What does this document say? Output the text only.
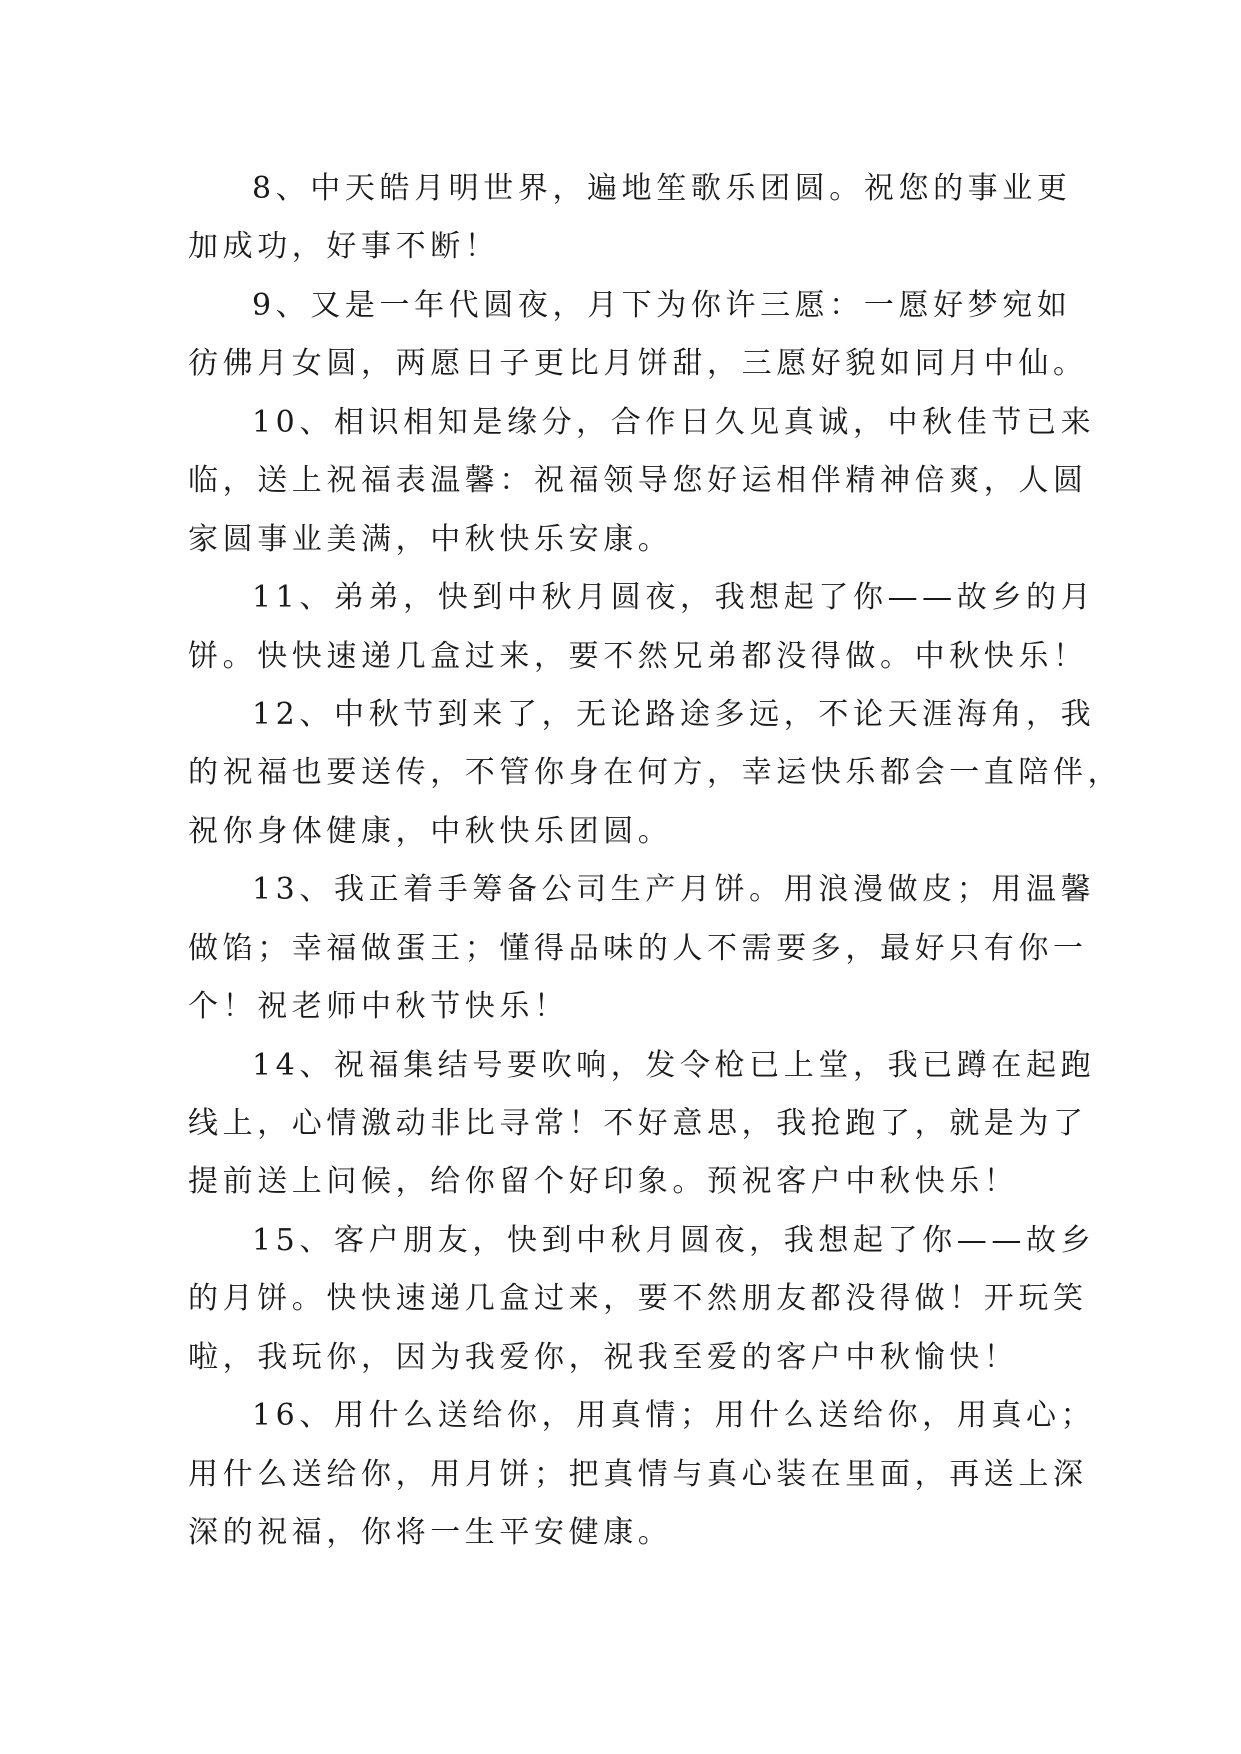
8、中天皓月明世界，遍地笙歌乐团圆。祝您的事业更
加成功，好事不断！
9、又是一年代圆夜，月下为你许三愿：一愿好梦宛如
彷佛月女圆，两愿日子更比月饼甜，三愿好貌如同月中仙。
10、相识相知是缘分，合作日久见真诚，中秋佳节已来
临，送上祝福表温馨：祝福领导您好运相伴精神倍爽，人圆
家圆事业美满，中秋快乐安康。
11、弟弟，快到中秋月圆夜，我想起了你——故乡的月
饼。快快速递几盒过来，要不然兄弟都没得做。中秋快乐！
12、中秋节到来了，无论路途多远，不论天涯海角，我
的祝福也要送传，不管你身在何方，幸运快乐都会一直陪伴，
祝你身体健康，中秋快乐团圆。
13、我正着手筹备公司生产月饼。用浪漫做皮；用温馨
做馅；幸福做蛋王；懂得品味的人不需要多，最好只有你一
个！祝老师中秋节快乐！
14、祝福集结号要吹响，发令枪已上堂，我已蹲在起跑
线上，心情激动非比寻常！不好意思，我抢跑了，就是为了
提前送上问候，给你留个好印象。预祝客户中秋快乐！
15、客户朋友，快到中秋月圆夜，我想起了你——故乡
的月饼。快快速递几盒过来，要不然朋友都没得做！开玩笑
啦，我玩你，因为我爱你，祝我至爱的客户中秋愉快！
16、用什么送给你，用真情；用什么送给你，用真心；
用什么送给你，用月饼；把真情与真心装在里面，再送上深
深的祝福，你将一生平安健康。
